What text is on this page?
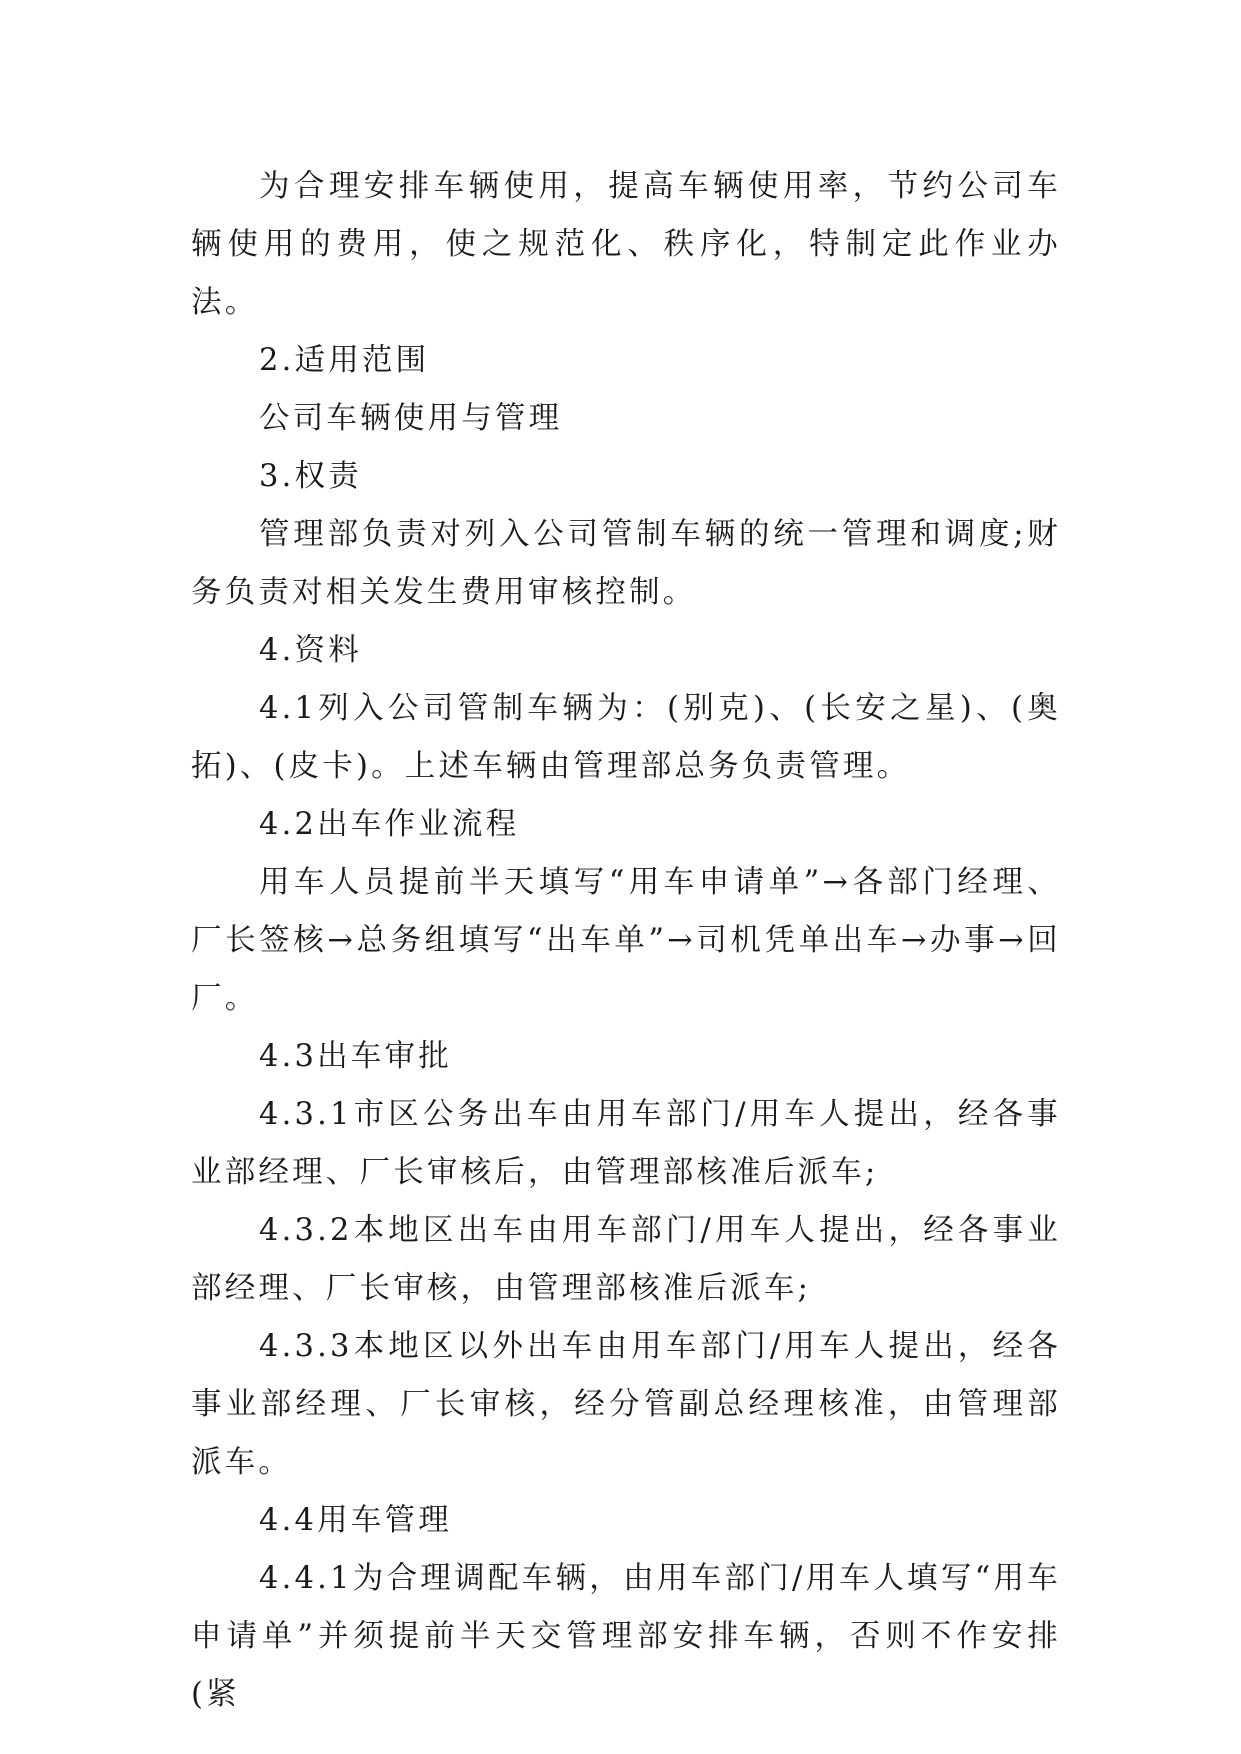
为合理安排车辆使用，提高车辆使用率，节约公司车辆使用的费用，使之规范化、秩序化，特制定此作业办法。

2.适用范围

公司车辆使用与管理

3.权责

管理部负责对列入公司管制车辆的统一管理和调度;财务负责对相关发生费用审核控制。

4.资料

4.1列入公司管制车辆为：(别克)、(长安之星)、(奥拓)、(皮卡)。上述车辆由管理部总务负责管理。

4.2出车作业流程

用车人员提前半天填写“用车申请单”→各部门经理、厂长签核→总务组填写“出车单”→司机凭单出车→办事→回厂。

4.3出车审批

4.3.1市区公务出车由用车部门/用车人提出，经各事业部经理、厂长审核后，由管理部核准后派车;

4.3.2本地区出车由用车部门/用车人提出，经各事业部经理、厂长审核，由管理部核准后派车;

4.3.3本地区以外出车由用车部门/用车人提出，经各事业部经理、厂长审核，经分管副总经理核准，由管理部派车。

4.4用车管理

4.4.1为合理调配车辆，由用车部门/用车人填写“用车申请单”并须提前半天交管理部安排车辆，否则不作安排(紧
